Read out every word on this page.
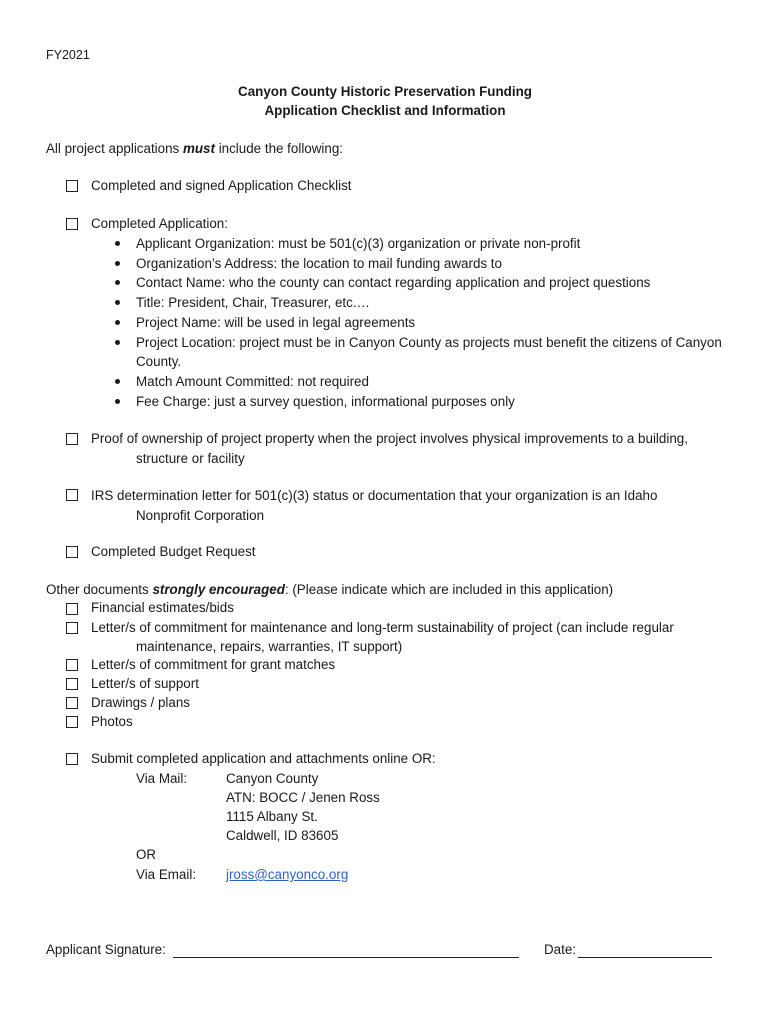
FY2021
Canyon County Historic Preservation Funding
Application Checklist and Information
All project applications must include the following:
Completed and signed Application Checklist
Completed Application:
Applicant Organization: must be 501(c)(3) organization or private non-profit
Organization’s Address: the location to mail funding awards to
Contact Name: who the county can contact regarding application and project questions
Title: President, Chair, Treasurer, etc.…
Project Name: will be used in legal agreements
Project Location: project must be in Canyon County as projects must benefit the citizens of Canyon County.
Match Amount Committed: not required
Fee Charge: just a survey question, informational purposes only
Proof of ownership of project property when the project involves physical improvements to a building,
structure or facility
IRS determination letter for 501(c)(3) status or documentation that your organization is an Idaho
Nonprofit Corporation
Completed Budget Request
Other documents strongly encouraged: (Please indicate which are included in this application)
Financial estimates/bids
Letter/s of commitment for maintenance and long-term sustainability of project (can include regular
maintenance, repairs, warranties, IT support)
Letter/s of commitment for grant matches
Letter/s of support
Drawings / plans
Photos
Submit completed application and attachments online OR:
Via Mail:	Canyon County
ATN: BOCC / Jenen Ross
1115 Albany St.
Caldwell, ID 83605
OR
Via Email: jross@canyonco.org
Applicant Signature:	Date:
